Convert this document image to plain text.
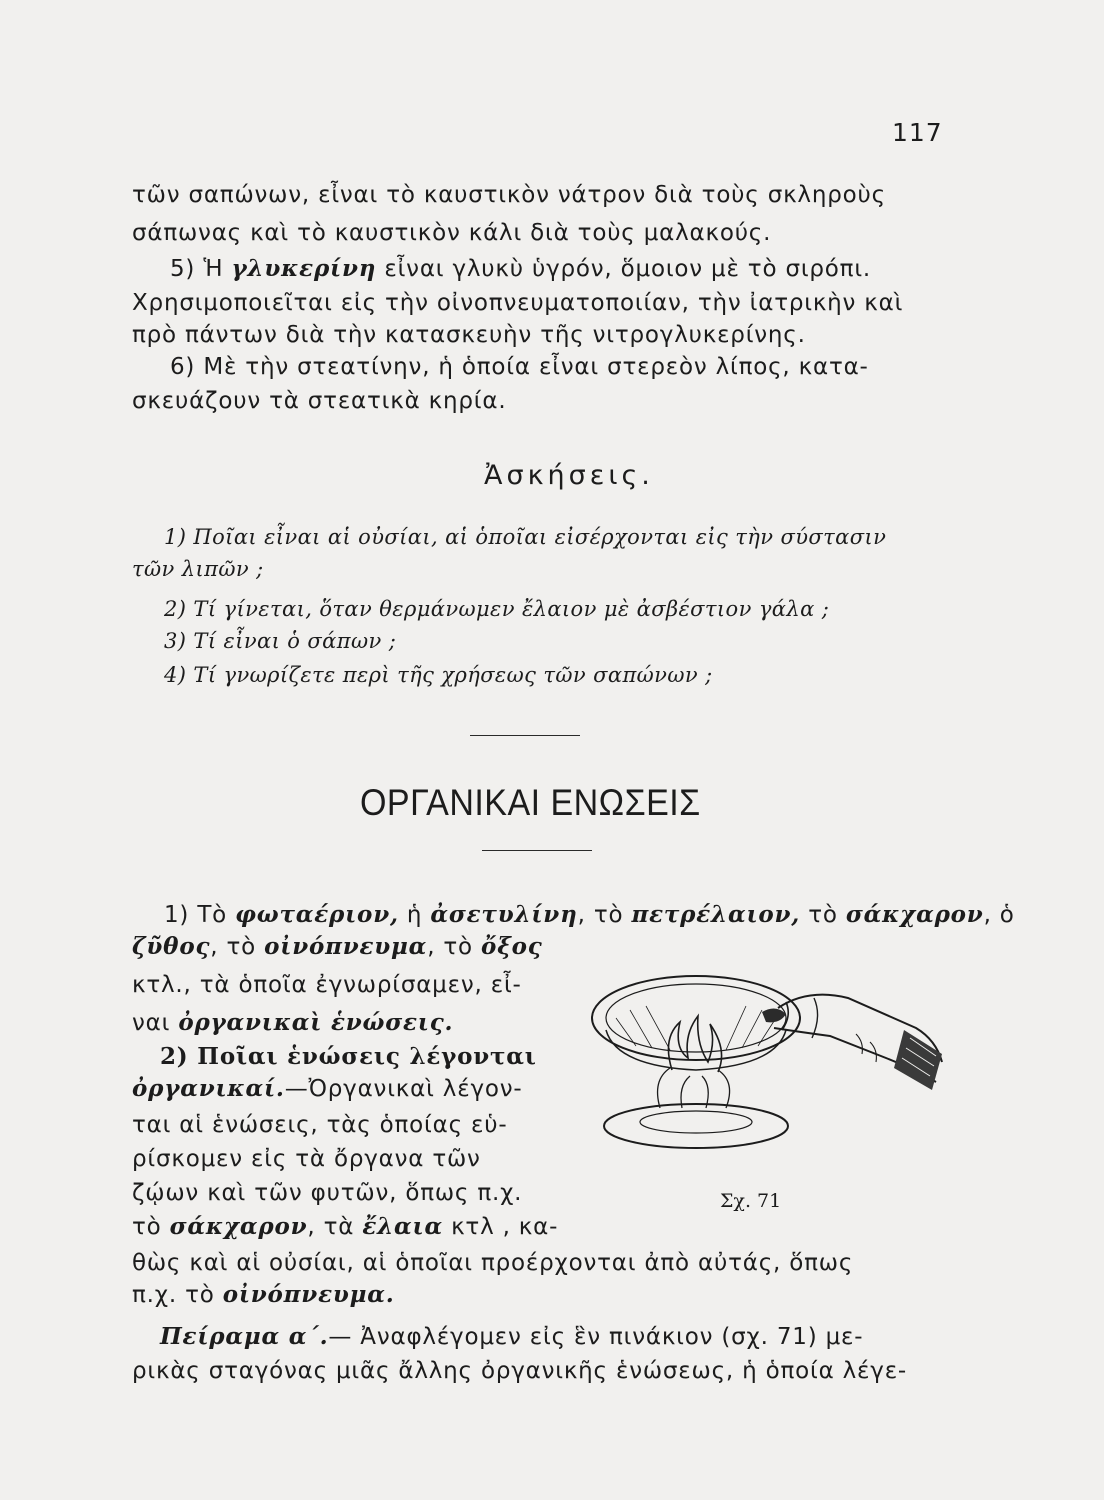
117
τῶν σαπώνων, εἶναι τὸ καυστικὸν νάτρον διὰ τοὺς σκληροὺς
σάπωνας καὶ τὸ καυστικὸν κάλι διὰ τοὺς μαλακούς.
5) Ἡ γλυκερίνη εἶναι γλυκὺ ὑγρόν, ὅμοιον μὲ τὸ σιρόπι.
Χρησιμοποιεῖται εἰς τὴν οἰνοπνευματοποιίαν, τὴν ἰατρικὴν καὶ
πρὸ πάντων διὰ τὴν κατασκευὴν τῆς νιτρογλυκερίνης.
6) Μὲ τὴν στεατίνην, ἡ ὁποία εἶναι στερεὸν λίπος, κατα-
σκευάζουν τὰ στεατικὰ κηρία.
Ἀσκήσεις.
1) Ποῖαι εἶναι αἱ οὐσίαι, αἱ ὁποῖαι εἰσέρχονται εἰς τὴν σύστασιν
τῶν λιπῶν ;
2) Τί γίνεται, ὅταν θερμάνωμεν ἔλαιον μὲ ἀσβέστιον γάλα ;
3) Τί εἶναι ὁ σάπων ;
4) Τί γνωρίζετε περὶ τῆς χρήσεως τῶν σαπώνων ;
ΟΡΓΑΝΙΚΑΙ ΕΝΩΣΕΙΣ
1) Τὸ φωταέριον, ἡ ἀσετυλίνη, τὸ πετρέλαιον, τὸ σάκχαρον, ὁ
ζῦθος, τὸ οἰνόπνευμα, τὸ ὄξος
κτλ., τὰ ὁποῖα ἐγνωρίσαμεν, εἶ-
ναι ὀργανικαὶ ἑνώσεις.
2) Ποῖαι ἑνώσεις λέγονται
ὀργανικαί.—Ὀργανικαὶ λέγον-
ται αἱ ἑνώσεις, τὰς ὁποίας εὑ-
ρίσκομεν εἰς τὰ ὄργανα τῶν
ζῴων καὶ τῶν φυτῶν, ὅπως π.χ.
τὸ σάκχαρον, τὰ ἔλαια κτλ , κα-
θὼς καὶ αἱ οὐσίαι, αἱ ὁποῖαι προέρχονται ἀπὸ αὐτάς, ὅπως
π.χ. τὸ οἰνόπνευμα.
Πείραμα α΄.— Ἀναφλέγομεν εἰς ἓν πινάκιον (σχ. 71) με-
ρικὰς σταγόνας μιᾶς ἄλλης ὀργανικῆς ἑνώσεως, ἡ ὁποία λέγε-
Σχ. 71
